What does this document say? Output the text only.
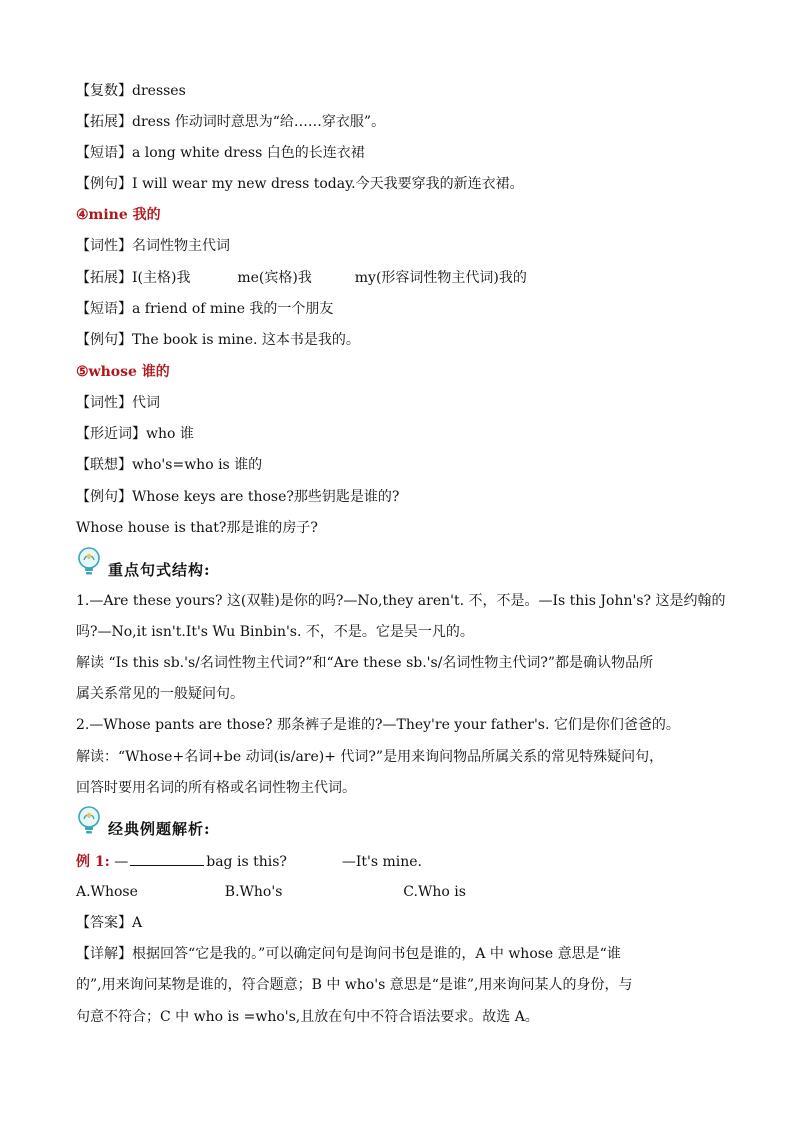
【复数】dresses
【拓展】dress 作动词时意思为“给……穿衣服”。
【短语】a long white dress 白色的长连衣裙
【例句】I will wear my new dress today.今天我要穿我的新连衣裙。
④mine 我的
【词性】名词性物主代词
【拓展】I(主格)我	me(宾格)我	my(形容词性物主代词)我的
【短语】a friend of mine 我的一个朋友
【例句】The book is mine. 这本书是我的。
⑤whose 谁的
【词性】代词
【形近词】who 谁
【联想】who's=who is 谁的
【例句】Whose keys are those?那些钥匙是谁的?
Whose house is that?那是谁的房子?
重点句式结构:
1.—Are these yours? 这(双鞋)是你的吗?—No,they aren't. 不，不是。—Is this John's? 这是约翰的
吗?—No,it isn't.It's Wu Binbin's. 不，不是。它是吴一凡的。
解读 “Is this sb.'s/名词性物主代词?”和“Are these sb.'s/名词性物主代词?”都是确认物品所
属关系常见的一般疑问句。
2.—Whose pants are those? 那条裤子是谁的?—They're your father's. 它们是你们爸爸的。
解读：“Whose+名词+be 动词(is/are)+ 代词?”是用来询问物品所属关系的常见特殊疑问句，
回答时要用名词的所有格或名词性物主代词。
经典例题解析:
例 1: —	bag is this?	—It's mine.
A.Whose	B.Who's	C.Who is
【答案】A
【详解】根据回答“它是我的。”可以确定问句是询问书包是谁的，A 中 whose 意思是“谁
的”,用来询问某物是谁的，符合题意；B 中 who's 意思是“是谁”,用来询问某人的身份，与
句意不符合；C 中 who is =who's,且放在句中不符合语法要求。故选 A。
